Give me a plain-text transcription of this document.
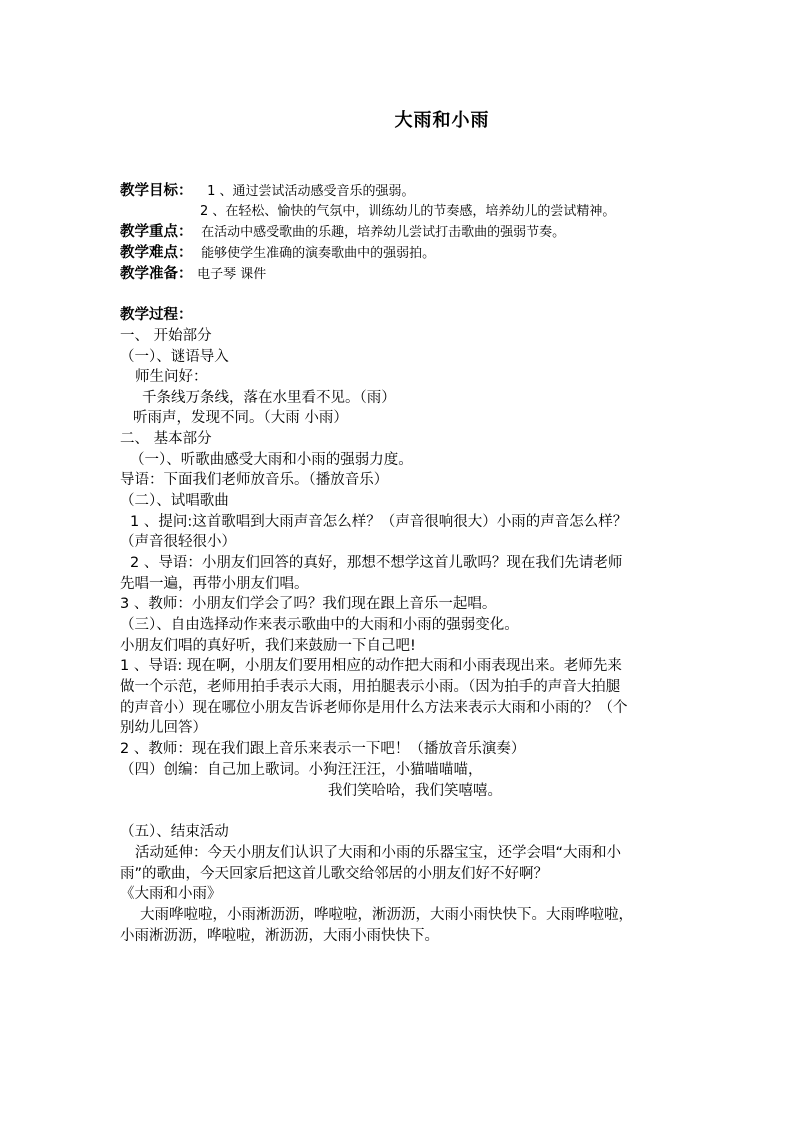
大雨和小雨
教学目标： 1 、通过尝试活动感受音乐的强弱。
2 、在轻松、愉快的气氛中，训练幼儿的节奏感，培养幼儿的尝试精神。
教学重点： 在活动中感受歌曲的乐趣，培养幼儿尝试打击歌曲的强弱节奏。
教学难点： 能够使学生准确的演奏歌曲中的强弱拍。
教学准备： 电子琴 课件
教学过程：
一、 开始部分
（一）、谜语导入
师生问好：
千条线万条线，落在水里看不见。（雨）
听雨声，发现不同。（大雨 小雨）
二、 基本部分
（一）、听歌曲感受大雨和小雨的强弱力度。
导语：下面我们老师放音乐。（播放音乐）
（二）、试唱歌曲
1 、提问:这首歌唱到大雨声音怎么样？（声音很响很大）小雨的声音怎么样？
（声音很轻很小）
2 、导语：小朋友们回答的真好，那想不想学这首儿歌吗？现在我们先请老师
先唱一遍，再带小朋友们唱。
3 、教师：小朋友们学会了吗？我们现在跟上音乐一起唱。
（三）、自由选择动作来表示歌曲中的大雨和小雨的强弱变化。
小朋友们唱的真好听，我们来鼓励一下自己吧!
1 、导语: 现在啊，小朋友们要用相应的动作把大雨和小雨表现出来。老师先来
做一个示范，老师用拍手表示大雨，用拍腿表示小雨。（因为拍手的声音大拍腿
的声音小）现在哪位小朋友告诉老师你是用什么方法来表示大雨和小雨的？（个
别幼儿回答）
2 、教师：现在我们跟上音乐来表示一下吧！（播放音乐演奏）
（四）创编：自己加上歌词。小狗汪汪汪，小猫喵喵喵，
我们笑哈哈，我们笑嘻嘻。
（五）、结束活动
活动延伸：今天小朋友们认识了大雨和小雨的乐器宝宝，还学会唱“大雨和小
雨”的歌曲，今天回家后把这首儿歌交给邻居的小朋友们好不好啊？
《大雨和小雨》
大雨哗啦啦，小雨淅沥沥，哗啦啦，淅沥沥，大雨小雨快快下。大雨哗啦啦，
小雨淅沥沥，哗啦啦，淅沥沥，大雨小雨快快下。
